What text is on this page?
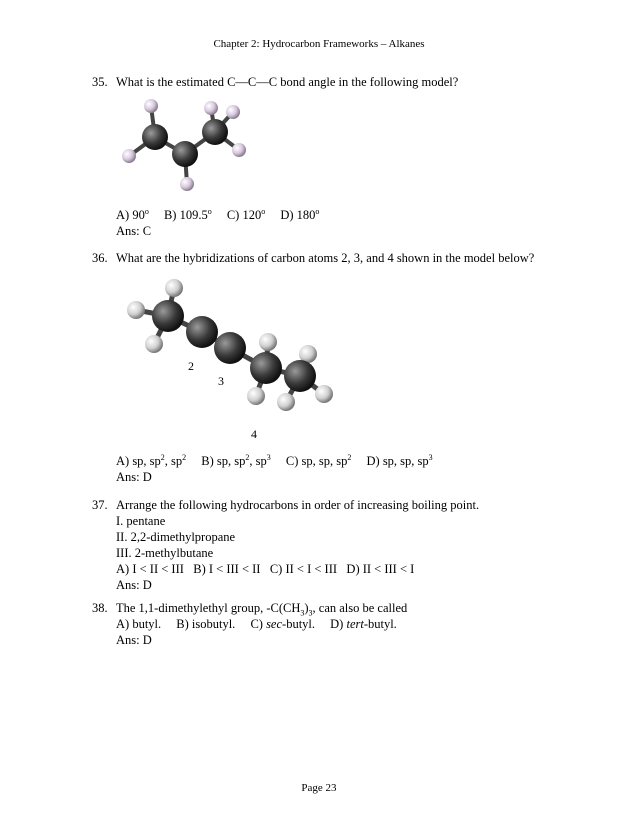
Chapter 2: Hydrocarbon Frameworks – Alkanes
35. What is the estimated C—C—C bond angle in the following model?
A) 90$^o$ B) 109.5$^o$ C) 120$^o$ D) 180$^o$
Ans: C
36. What are the hybridizations of carbon atoms 2, 3, and 4 shown in the model below?
2
3
4
A) sp, $sp^2$, $sp^2$ B) sp, $sp^2$, $sp^3$ C) sp, sp, $sp^2$ D) sp, sp, $sp^3$
Ans: D
37. Arrange the following hydrocarbons in order of increasing boiling point.
I. pentane
II. 2,2-dimethylpropane
III. 2-methylbutane
A) I < II < III   B) I < III < II   C) II < I < III   D) II < III < I
Ans: D
38. The 1,1-dimethylethyl group, $-C(CH_3)_3$, can also be called
A) butyl. B) isobutyl. C) sec-butyl. D) tert-butyl.
Ans: D
Page 23
